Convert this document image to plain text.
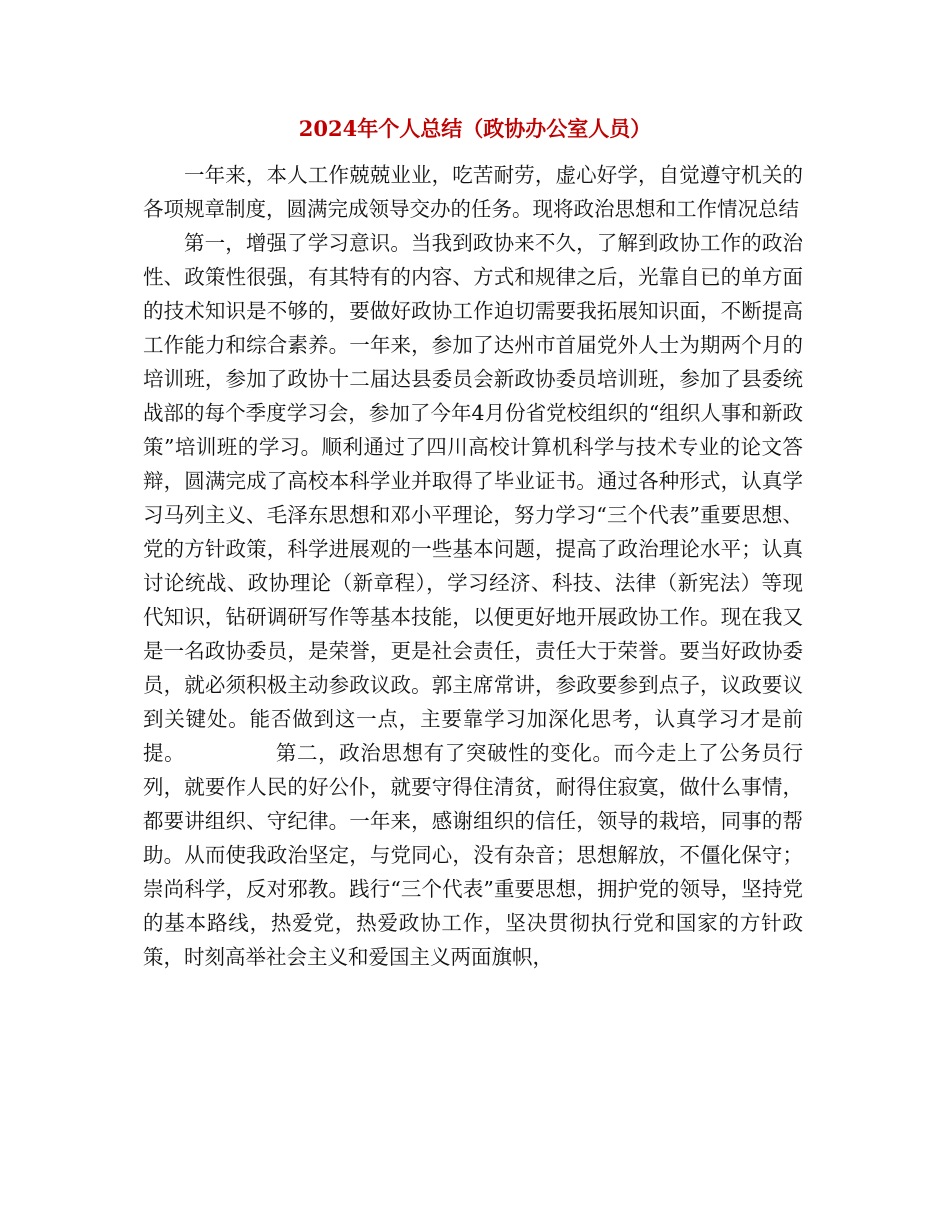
2024年个人总结（政协办公室人员）

一年来，本人工作兢兢业业，吃苦耐劳，虚心好学，自觉遵守机关的各项规章制度，圆满完成领导交办的任务。现将政治思想和工作情况总结

第一，增强了学习意识。当我到政协来不久，了解到政协工作的政治性、政策性很强，有其特有的内容、方式和规律之后，光靠自已的单方面的技术知识是不够的，要做好政协工作迫切需要我拓展知识面，不断提高工作能力和综合素养。一年来，参加了达州市首届党外人士为期两个月的培训班，参加了政协十二届达县委员会新政协委员培训班，参加了县委统战部的每个季度学习会，参加了今年4月份省党校组织的“组织人事和新政策”培训班的学习。顺利通过了四川高校计算机科学与技术专业的论文答辩，圆满完成了高校本科学业并取得了毕业证书。通过各种形式，认真学习马列主义、毛泽东思想和邓小平理论，努力学习“三个代表”重要思想、党的方针政策，科学进展观的一些基本问题，提高了政治理论水平；认真讨论统战、政协理论（新章程），学习经济、科技、法律（新宪法）等现代知识，钻研调研写作等基本技能，以便更好地开展政协工作。现在我又是一名政协委员，是荣誉，更是社会责任，责任大于荣誉。要当好政协委员，就必须积极主动参政议政。郭主席常讲，参政要参到点子，议政要议到关键处。能否做到这一点，主要靠学习加深化思考，认真学习才是前提。	第二，政治思想有了突破性的变化。而今走上了公务员行列，就要作人民的好公仆，就要守得住清贫，耐得住寂寞，做什么事情，都要讲组织、守纪律。一年来，感谢组织的信任，领导的栽培，同事的帮助。从而使我政治坚定，与党同心，没有杂音；思想解放，不僵化保守；崇尚科学，反对邪教。践行“三个代表”重要思想，拥护党的领导，坚持党的基本路线，热爱党，热爱政协工作，坚决贯彻执行党和国家的方针政策，时刻高举社会主义和爱国主义两面旗帜，
